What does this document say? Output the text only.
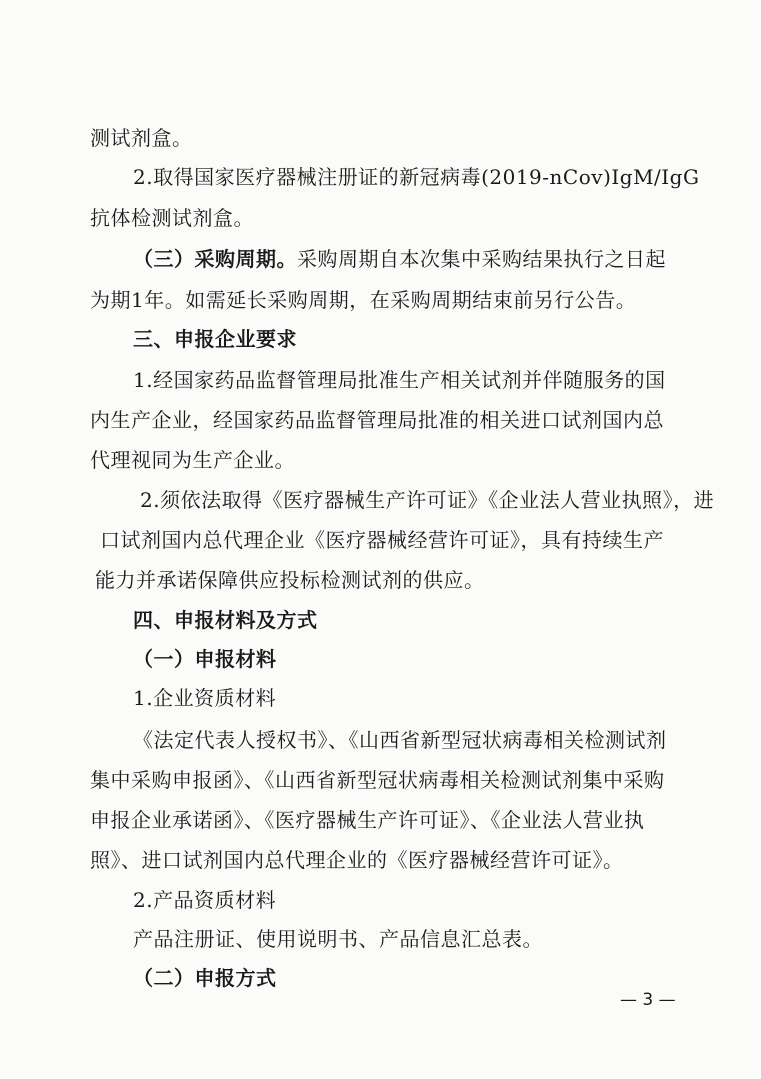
测试剂盒。
2.取得国家医疗器械注册证的新冠病毒(2019-nCov)IgM/IgG
抗体检测试剂盒。
（三）采购周期。采购周期自本次集中采购结果执行之日起
为期1年。如需延长采购周期，在采购周期结束前另行公告。
三、申报企业要求
1.经国家药品监督管理局批准生产相关试剂并伴随服务的国
内生产企业，经国家药品监督管理局批准的相关进口试剂国内总
代理视同为生产企业。
2.须依法取得《医疗器械生产许可证》《企业法人营业执照》，进
口试剂国内总代理企业《医疗器械经营许可证》，具有持续生产
能力并承诺保障供应投标检测试剂的供应。
四、申报材料及方式
（一）申报材料
1.企业资质材料
《法定代表人授权书》、《山西省新型冠状病毒相关检测试剂
集中采购申报函》、《山西省新型冠状病毒相关检测试剂集中采购
申报企业承诺函》、《医疗器械生产许可证》、《企业法人营业执
照》、进口试剂国内总代理企业的《医疗器械经营许可证》。
2.产品资质材料
产品注册证、使用说明书、产品信息汇总表。
（二）申报方式
— 3 —
